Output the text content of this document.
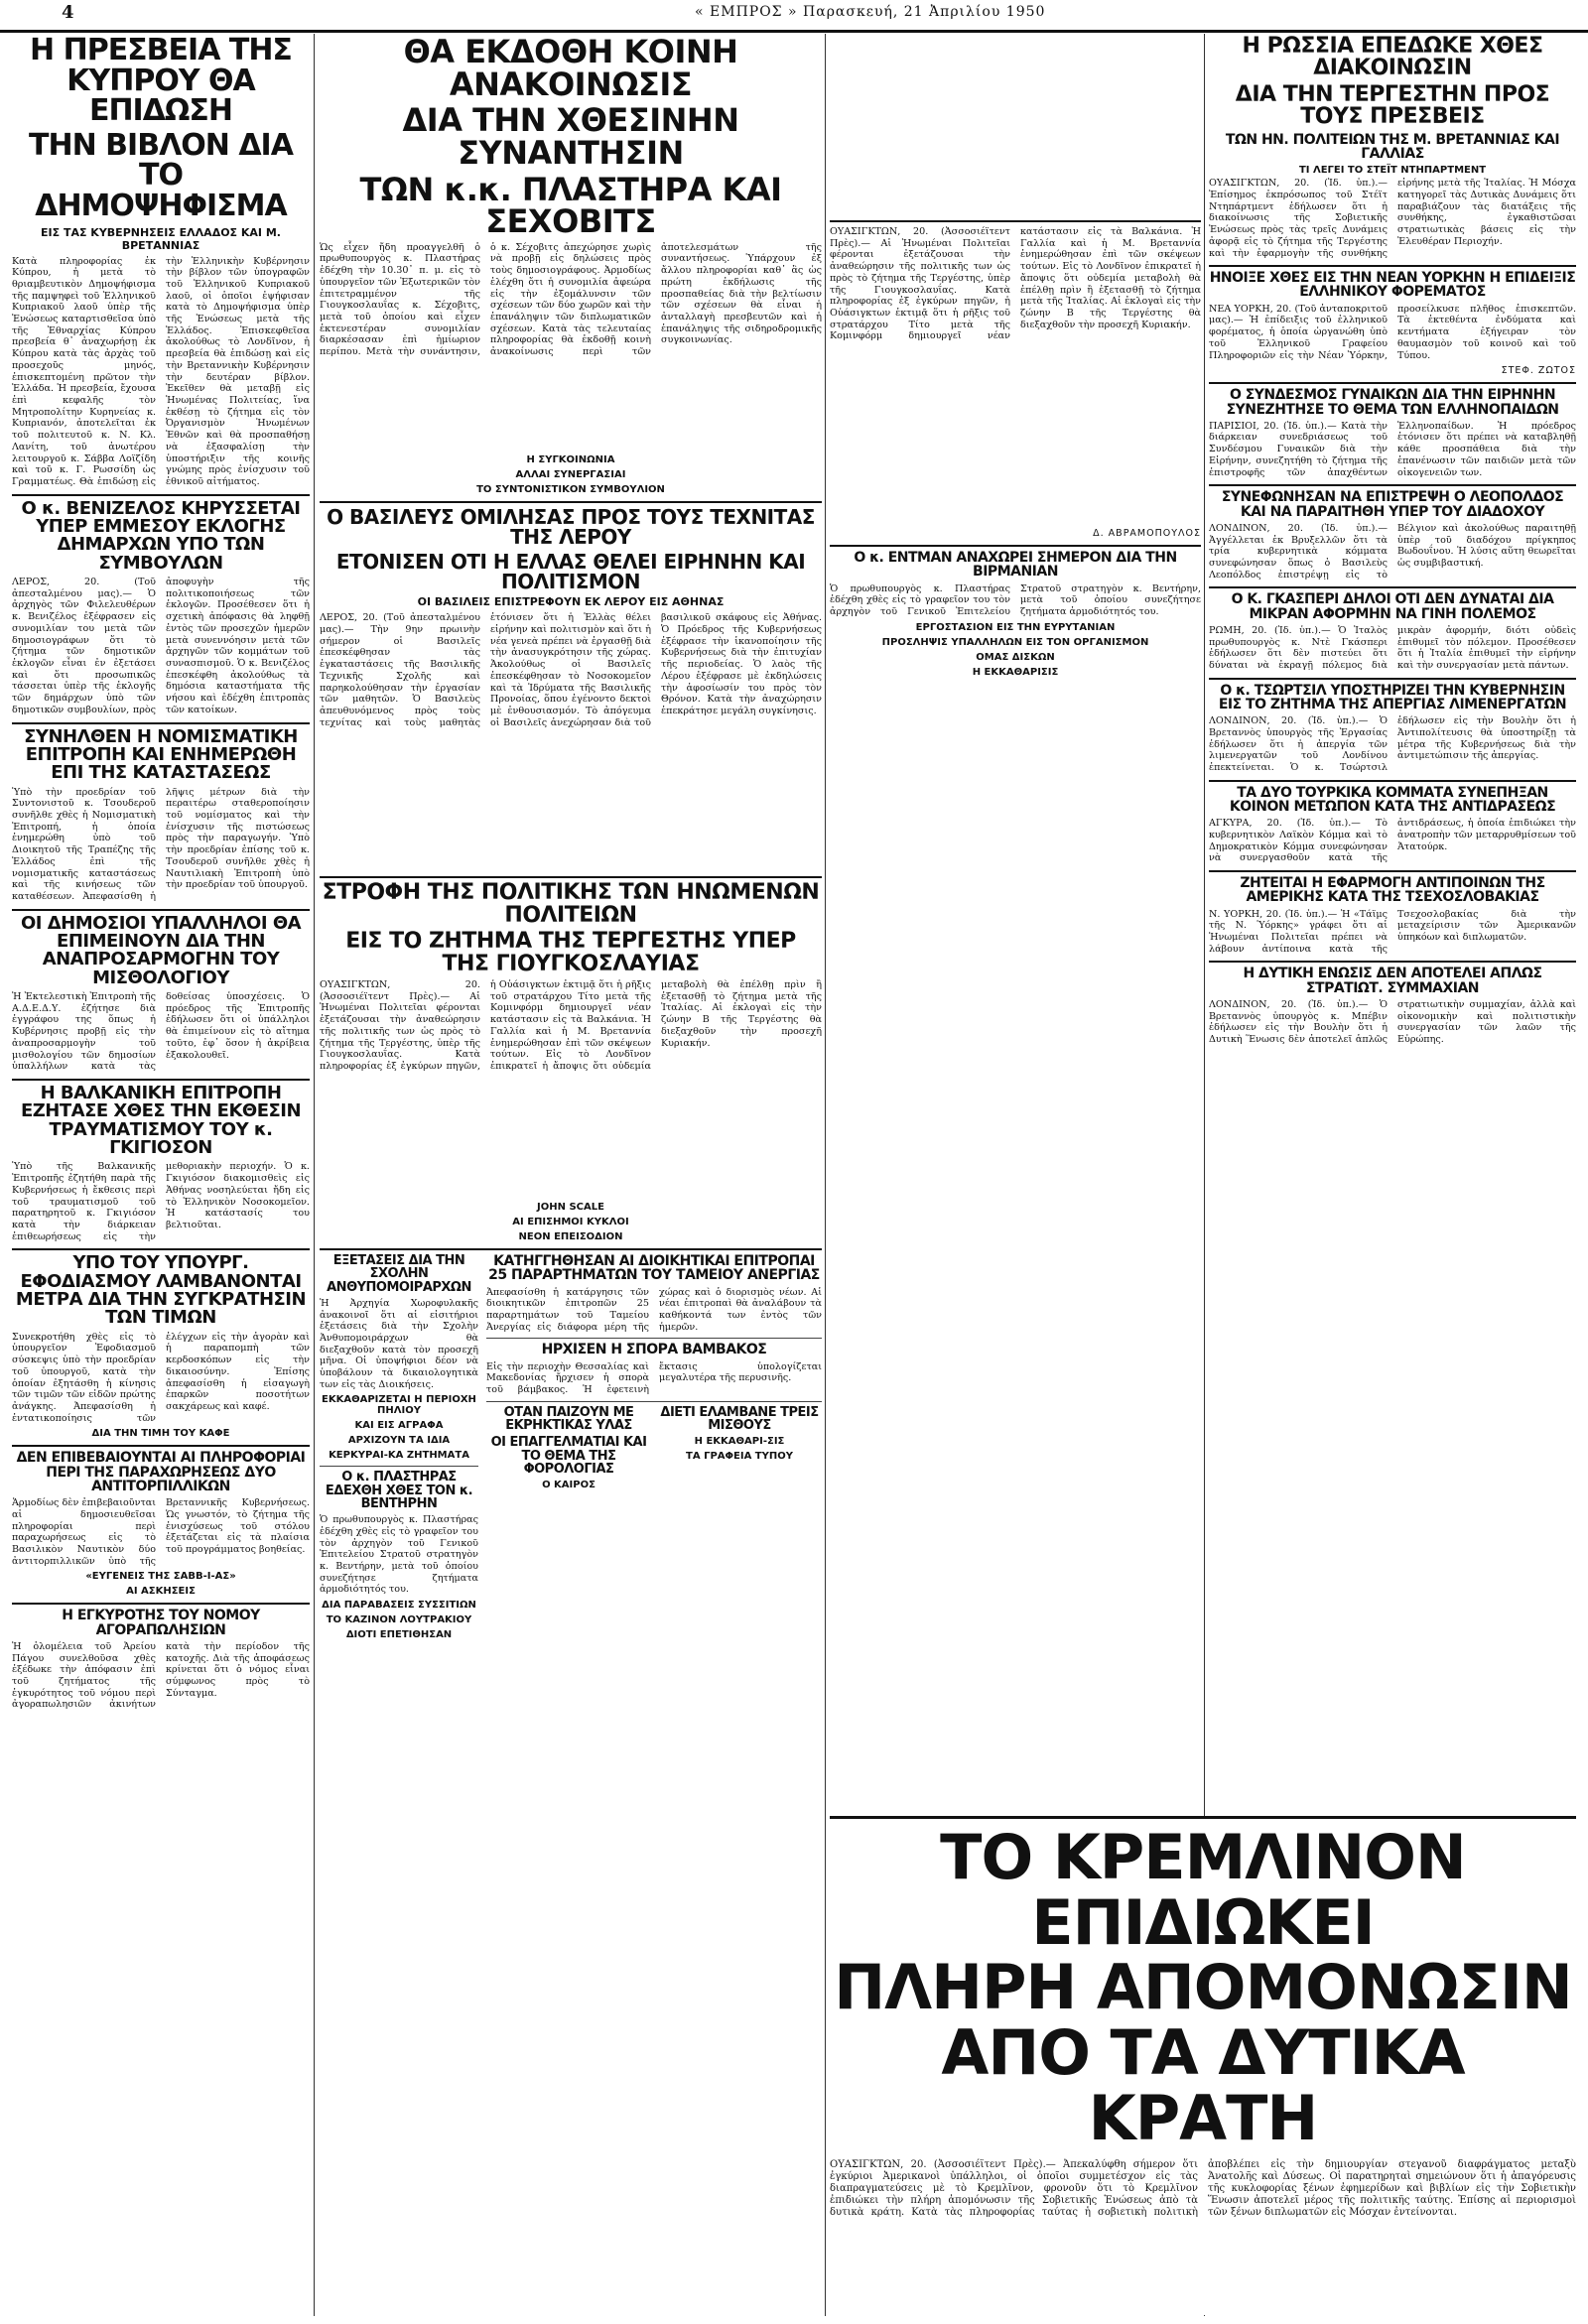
4	« ΕΜΠΡΟΣ » Παρασκευή, 21 Ἀπριλίου 1950
Η ΠΡΕΣΒΕΙΑ ΤΗΣ ΚΥΠΡΟΥ ΘΑ ΕΠΙΔΩΣΗ
ΤΗΝ ΒΙΒΛΟΝ ΔΙΑ ΤΟ ΔΗΜΟΨΗΦΙΣΜΑ
ΕΙΣ ΤΑΣ ΚΥΒΕΡΝΗΣΕΙΣ ΕΛΛΑΔΟΣ ΚΑΙ Μ. ΒΡΕΤΑΝΝΙΑΣ
Κατὰ πληροφορίας ἐκ Κύπρου, ἡ μετὰ τὸ θριαμβευτικὸν Δημοψήφισμα τῆς παμψηφεὶ τοῦ Ἑλληνικοῦ Κυπριακοῦ λαοῦ ὑπὲρ τῆς Ἑνώσεως καταρτισθεῖσα ὑπὸ τῆς Ἐθναρχίας Κύπρου πρεσβεία θ᾽ ἀναχωρήσῃ ἐκ Κύπρου κατὰ τὰς ἀρχὰς τοῦ προσεχοῦς μηνός, ἐπισκεπτομένη πρῶτον τὴν Ἑλλάδα. Ἡ πρεσβεία, ἔχουσα ἐπὶ κεφαλῆς τὸν Μητροπολίτην Κυρηνείας κ. Κυπριανόν, ἀποτελεῖται ἐκ τοῦ πολιτευτοῦ κ. Ν. Κλ. Λανίτη, τοῦ ἀνωτέρου λειτουργοῦ κ. Σάββα Λοϊζίδη καὶ τοῦ κ. Γ. Ρωσσίδη ὡς Γραμματέως. Θὰ ἐπιδώσῃ εἰς τὴν Ἑλληνικὴν Κυβέρνησιν τὴν βίβλον τῶν ὑπογραφῶν τοῦ Ἑλληνικοῦ Κυπριακοῦ λαοῦ, οἱ ὁποῖοι ἐψήφισαν κατὰ τὸ Δημοψήφισμα ὑπὲρ τῆς Ἑνώσεως μετὰ τῆς Ἑλλάδος. Ἐπισκεφθεῖσα ἀκολούθως τὸ Λονδῖνον, ἡ πρεσβεία θὰ ἐπιδώσῃ καὶ εἰς τὴν Βρεταννικὴν Κυβέρνησιν τὴν δευτέραν βίβλον. Ἐκεῖθεν θὰ μεταβῇ εἰς Ἡνωμένας Πολιτείας, ἵνα ἐκθέσῃ τὸ ζήτημα εἰς τὸν Ὀργανισμὸν Ἡνωμένων Ἐθνῶν καὶ θὰ προσπαθήσῃ νὰ ἐξασφαλίσῃ τὴν ὑποστήριξιν τῆς κοινῆς γνώμης πρὸς ἐνίσχυσιν τοῦ ἐθνικοῦ αἰτήματος.
Ο κ. ΒΕΝΙΖΕΛΟΣ ΚΗΡΥΣΣΕΤΑΙ ΥΠΕΡ ΕΜΜΕΣΟΥ ΕΚΛΟΓΗΣ ΔΗΜΑΡΧΩΝ ΥΠΟ ΤΩΝ ΣΥΜΒΟΥΛΩΝ
ΛΕΡΟΣ, 20. (Τοῦ ἀπεσταλμένου μας).— Ὁ ἀρχηγὸς τῶν Φιλελευθέρων κ. Βενιζέλος ἐξέφρασεν εἰς συνομιλίαν του μετὰ τῶν δημοσιογράφων ὅτι τὸ ζήτημα τῶν δημοτικῶν ἐκλογῶν εἶναι ἐν ἐξετάσει καὶ ὅτι προσωπικῶς τάσσεται ὑπὲρ τῆς ἐκλογῆς τῶν δημάρχων ὑπὸ τῶν δημοτικῶν συμβουλίων, πρὸς ἀποφυγὴν τῆς πολιτικοποιήσεως τῶν ἐκλογῶν. Προσέθεσεν ὅτι ἡ σχετικὴ ἀπόφασις θὰ ληφθῇ ἐντὸς τῶν προσεχῶν ἡμερῶν μετὰ συνεννόησιν μετὰ τῶν ἀρχηγῶν τῶν κομμάτων τοῦ συνασπισμοῦ. Ὁ κ. Βενιζέλος ἐπεσκέφθη ἀκολούθως τὰ δημόσια καταστήματα τῆς νήσου καὶ ἐδέχθη ἐπιτροπὰς τῶν κατοίκων.
ΣΥΝΗΛΘΕΝ Η ΝΟΜΙΣΜΑΤΙΚΗ ΕΠΙΤΡΟΠΗ ΚΑΙ ΕΝΗΜΕΡΩΘΗ ΕΠΙ ΤΗΣ ΚΑΤΑΣΤΑΣΕΩΣ
Ὑπὸ τὴν προεδρίαν τοῦ Συντονιστοῦ κ. Τσουδεροῦ συνῆλθε χθὲς ἡ Νομισματικὴ Ἐπιτροπή, ἡ ὁποία ἐνημερώθη ὑπὸ τοῦ Διοικητοῦ τῆς Τραπέζης τῆς Ἑλλάδος ἐπὶ τῆς νομισματικῆς καταστάσεως καὶ τῆς κινήσεως τῶν καταθέσεων. Ἀπεφασίσθη ἡ λῆψις μέτρων διὰ τὴν περαιτέρω σταθεροποίησιν τοῦ νομίσματος καὶ τὴν ἐνίσχυσιν τῆς πιστώσεως πρὸς τὴν παραγωγήν. Ὑπὸ τὴν προεδρίαν ἐπίσης τοῦ κ. Τσουδεροῦ συνῆλθε χθὲς ἡ Ναυτιλιακὴ Ἐπιτροπὴ ὑπὸ τὴν προεδρίαν τοῦ ὑπουργοῦ.
ΟΙ ΔΗΜΟΣΙΟΙ ΥΠΑΛΛΗΛΟΙ ΘΑ ΕΠΙΜΕΙΝΟΥΝ ΔΙΑ ΤΗΝ ΑΝΑΠΡΟΣΑΡΜΟΓΗΝ ΤΟΥ ΜΙΣΘΟΛΟΓΙΟΥ
Ἡ Ἐκτελεστικὴ Ἐπιτροπὴ τῆς Α.Δ.Ε.Δ.Υ. ἐζήτησε διὰ ἐγγράφου της ὅπως ἡ Κυβέρνησις προβῇ εἰς τὴν ἀναπροσαρμογὴν τοῦ μισθολογίου τῶν δημοσίων ὑπαλλήλων κατὰ τὰς δοθείσας ὑποσχέσεις. Ὁ πρόεδρος τῆς Ἐπιτροπῆς ἐδήλωσεν ὅτι οἱ ὑπάλληλοι θὰ ἐπιμείνουν εἰς τὸ αἴτημα τοῦτο, ἐφ᾽ ὅσον ἡ ἀκρίβεια ἐξακολουθεῖ.
Η ΒΑΛΚΑΝΙΚΗ ΕΠΙΤΡΟΠΗ ΕΖΗΤΑΣΕ ΧΘΕΣ ΤΗΝ ΕΚΘΕΣΙΝ ΤΡΑΥΜΑΤΙΣΜΟΥ ΤΟΥ κ. ΓΚΙΓΙΟΣΟΝ
Ὑπὸ τῆς Βαλκανικῆς Ἐπιτροπῆς ἐζητήθη παρὰ τῆς Κυβερνήσεως ἡ ἔκθεσις περὶ τοῦ τραυματισμοῦ τοῦ παρατηρητοῦ κ. Γκιγιόσον κατὰ τὴν διάρκειαν ἐπιθεωρήσεως εἰς τὴν μεθοριακὴν περιοχήν. Ὁ κ. Γκιγιόσον διακομισθεὶς εἰς Ἀθήνας νοσηλεύεται ἤδη εἰς τὸ Ἑλληνικὸν Νοσοκομεῖον. Ἡ κατάστασίς του βελτιοῦται.
ΥΠΟ ΤΟΥ ΥΠΟΥΡΓ. ΕΦΟΔΙΑΣΜΟΥ ΛΑΜΒΑΝΟΝΤΑΙ ΜΕΤΡΑ ΔΙΑ ΤΗΝ ΣΥΓΚΡΑΤΗΣΙΝ ΤΩΝ ΤΙΜΩΝ
Συνεκροτήθη χθὲς εἰς τὸ ὑπουργεῖον Ἐφοδιασμοῦ σύσκεψις ὑπὸ τὴν προεδρίαν τοῦ ὑπουργοῦ, κατὰ τὴν ὁποίαν ἐξητάσθη ἡ κίνησις τῶν τιμῶν τῶν εἰδῶν πρώτης ἀνάγκης. Ἀπεφασίσθη ἡ ἐντατικοποίησις τῶν ἐλέγχων εἰς τὴν ἀγορὰν καὶ ἡ παραπομπὴ τῶν κερδοσκόπων εἰς τὴν δικαιοσύνην. Ἐπίσης ἀπεφασίσθη ἡ εἰσαγωγὴ ἐπαρκῶν ποσοτήτων σακχάρεως καὶ καφέ.
ΔΙΑ ΤΗΝ ΤΙΜΗ ΤΟΥ ΚΑΦΕ
ΔΕΝ ΕΠΙΒΕΒΑΙΟΥΝΤΑΙ ΑΙ ΠΛΗΡΟΦΟΡΙΑΙ ΠΕΡΙ ΤΗΣ ΠΑΡΑΧΩΡΗΣΕΩΣ ΔΥΟ ΑΝΤΙΤΟΡΠΙΛΛΙΚΩΝ
Ἁρμοδίως δὲν ἐπιβεβαιοῦνται αἱ δημοσιευθεῖσαι πληροφορίαι περὶ παραχωρήσεως εἰς τὸ Βασιλικὸν Ναυτικὸν δύο ἀντιτορπιλλικῶν ὑπὸ τῆς Βρεταννικῆς Κυβερνήσεως. Ὡς γνωστόν, τὸ ζήτημα τῆς ἐνισχύσεως τοῦ στόλου ἐξετάζεται εἰς τὰ πλαίσια τοῦ προγράμματος βοηθείας.
«ΕΥΓΕΝΕΙΣ ΤΗΣ ΣΑΒΒ-Ι-ΑΣ»
ΑΙ ΑΣΚΗΣΕΙΣ
Η ΕΓΚΥΡΟΤΗΣ ΤΟΥ ΝΟΜΟΥ ΑΓΟΡΑΠΩΛΗΣΙΩΝ
Ἡ ὁλομέλεια τοῦ Ἀρείου Πάγου συνελθοῦσα χθὲς ἐξέδωκε τὴν ἀπόφασιν ἐπὶ τοῦ ζητήματος τῆς ἐγκυρότητος τοῦ νόμου περὶ ἀγοραπωλησιῶν ἀκινήτων κατὰ τὴν περίοδον τῆς κατοχῆς. Διὰ τῆς ἀποφάσεως κρίνεται ὅτι ὁ νόμος εἶναι σύμφωνος πρὸς τὸ Σύνταγμα.
ΘΑ ΕΚΔΟΘΗ ΚΟΙΝΗ ΑΝΑΚΟΙΝΩΣΙΣ
ΔΙΑ ΤΗΝ ΧΘΕΣΙΝΗΝ ΣΥΝΑΝΤΗΣΙΝ
ΤΩΝ κ.κ. ΠΛΑΣΤΗΡΑ ΚΑΙ ΣΕΧΟΒΙΤΣ
Ὡς εἶχεν ἤδη προαγγελθῆ ὁ πρωθυπουργὸς κ. Πλαστήρας ἐδέχθη τὴν 10.30᾽ π. μ. εἰς τὸ ὑπουργεῖον τῶν Ἐξωτερικῶν τὸν ἐπιτετραμμένον τῆς Γιουγκοσλαυΐας κ. Σέχοβιτς, μετὰ τοῦ ὁποίου καὶ εἶχεν ἐκτενεστέραν συνομιλίαν διαρκέσασαν ἐπὶ ἡμίωριον περίπου. Μετὰ τὴν συνάντησιν, ὁ κ. Σέχοβιτς ἀπεχώρησε χωρὶς νὰ προβῇ εἰς δηλώσεις πρὸς τοὺς δημοσιογράφους. Ἀρμοδίως ἐλέχθη ὅτι ἡ συνομιλία ἀφεώρα εἰς τὴν ἐξομάλυνσιν τῶν σχέσεων τῶν δύο χωρῶν καὶ τὴν ἐπανάληψιν τῶν διπλωματικῶν σχέσεων. Κατὰ τὰς τελευταίας πληροφορίας θὰ ἐκδοθῇ κοινὴ ἀνακοίνωσις περὶ τῶν ἀποτελεσμάτων τῆς συναντήσεως. Ὑπάρχουν ἐξ ἄλλου πληροφορίαι καθ᾽ ἃς ὡς πρώτη ἐκδήλωσις τῆς προσπαθείας διὰ τὴν βελτίωσιν τῶν σχέσεων θὰ εἶναι ἡ ἀνταλλαγὴ πρεσβευτῶν καὶ ἡ ἐπανάληψις τῆς σιδηροδρομικῆς συγκοινωνίας.
Η ΣΥΓΚΟΙΝΩΝΙΑ
ΑΛΛΑΙ ΣΥΝΕΡΓΑΣΙΑΙ
ΤΟ ΣΥΝΤΟΝΙΣΤΙΚΟΝ ΣΥΜΒΟΥΛΙΟΝ
Ο ΒΑΣΙΛΕΥΣ ΟΜΙΛΗΣΑΣ ΠΡΟΣ ΤΟΥΣ ΤΕΧΝΙΤΑΣ ΤΗΣ ΛΕΡΟΥ
ΕΤΟΝΙΣΕΝ ΟΤΙ Η ΕΛΛΑΣ ΘΕΛΕΙ ΕΙΡΗΝΗΝ ΚΑΙ ΠΟΛΙΤΙΣΜΟΝ
ΟΙ ΒΑΣΙΛΕΙΣ ΕΠΙΣΤΡΕΦΟΥΝ ΕΚ ΛΕΡΟΥ ΕΙΣ ΑΘΗΝΑΣ
ΛΕΡΟΣ, 20. (Τοῦ ἀπεσταλμένου μας).— Τὴν 9ην πρωινὴν σήμερον οἱ Βασιλεῖς ἐπεσκέφθησαν τὰς ἐγκαταστάσεις τῆς Βασιλικῆς Τεχνικῆς Σχολῆς καὶ παρηκολούθησαν τὴν ἐργασίαν τῶν μαθητῶν. Ὁ Βασιλεὺς ἀπευθυνόμενος πρὸς τοὺς τεχνίτας καὶ τοὺς μαθητὰς ἐτόνισεν ὅτι ἡ Ἑλλὰς θέλει εἰρήνην καὶ πολιτισμὸν καὶ ὅτι ἡ νέα γενεὰ πρέπει νὰ ἐργασθῇ διὰ τὴν ἀνασυγκρότησιν τῆς χώρας. Ἀκολούθως οἱ Βασιλεῖς ἐπεσκέφθησαν τὸ Νοσοκομεῖον καὶ τὰ Ἱδρύματα τῆς Βασιλικῆς Προνοίας, ὅπου ἐγένοντο δεκτοὶ μὲ ἐνθουσιασμόν. Τὸ ἀπόγευμα οἱ Βασιλεῖς ἀνεχώρησαν διὰ τοῦ βασιλικοῦ σκάφους εἰς Ἀθήνας. Ὁ Πρόεδρος τῆς Κυβερνήσεως ἐξέφρασε τὴν ἱκανοποίησιν τῆς Κυβερνήσεως διὰ τὴν ἐπιτυχίαν τῆς περιοδείας. Ὁ λαὸς τῆς Λέρου ἐξέφρασε μὲ ἐκδηλώσεις τὴν ἀφοσίωσίν του πρὸς τὸν Θρόνον. Κατὰ τὴν ἀναχώρησιν ἐπεκράτησε μεγάλη συγκίνησις.
ΣΤΡΟΦΗ ΤΗΣ ΠΟΛΙΤΙΚΗΣ ΤΩΝ ΗΝΩΜΕΝΩΝ ΠΟΛΙΤΕΙΩΝ
ΕΙΣ ΤΟ ΖΗΤΗΜΑ ΤΗΣ ΤΕΡΓΕΣΤΗΣ ΥΠΕΡ ΤΗΣ ΓΙΟΥΓΚΟΣΛΑΥΙΑΣ
ΟΥΑΣΙΓΚΤΩΝ, 20. (Ἀσσοσιέϊτεντ Πρὲς).— Αἱ Ἡνωμέναι Πολιτεῖαι φέρονται ἐξετάζουσαι τὴν ἀναθεώρησιν τῆς πολιτικῆς των ὡς πρὸς τὸ ζήτημα τῆς Τεργέστης, ὑπὲρ τῆς Γιουγκοσλαυΐας. Κατὰ πληροφορίας ἐξ ἐγκύρων πηγῶν, ἡ Οὐάσιγκτων ἐκτιμᾷ ὅτι ἡ ρῆξις τοῦ στρατάρχου Τίτο μετὰ τῆς Κομινφόρμ δημιουργεῖ νέαν κατάστασιν εἰς τὰ Βαλκάνια. Ἡ Γαλλία καὶ ἡ Μ. Βρεταννία ἐνημερώθησαν ἐπὶ τῶν σκέψεων τούτων. Εἰς τὸ Λονδῖνον ἐπικρατεῖ ἡ ἄποψις ὅτι οὐδεμία μεταβολὴ θὰ ἐπέλθῃ πρὶν ἢ ἐξετασθῇ τὸ ζήτημα μετὰ τῆς Ἰταλίας. Αἱ ἐκλογαὶ εἰς τὴν ζώνην Β τῆς Τεργέστης θὰ διεξαχθοῦν τὴν προσεχῆ Κυριακήν.
JOHN SCALE
ΑΙ ΕΠΙΣΗΜΟΙ ΚΥΚΛΟΙ
ΝΕΟΝ ΕΠΕΙΣΟΔΙΟΝ
ΕΞΕΤΑΣΕΙΣ ΔΙΑ ΤΗΝ ΣΧΟΛΗΝ ΑΝΘΥΠΟΜΟΙΡΑΡΧΩΝ
Ἡ Ἀρχηγία Χωροφυλακῆς ἀνακοινοῖ ὅτι αἱ εἰσιτήριοι ἐξετάσεις διὰ τὴν Σχολὴν Ἀνθυπομοιράρχων θὰ διεξαχθοῦν κατὰ τὸν προσεχῆ μῆνα. Οἱ ὑποψήφιοι δέον νὰ ὑποβάλουν τὰ δικαιολογητικὰ των εἰς τὰς Διοικήσεις.
ΕΚΚΑΘΑΡΙΖΕΤΑΙ Η ΠΕΡΙΟΧΗ ΠΗΛΙΟΥ
ΚΑΙ ΕΙΣ ΑΓΡΑΦΑ
ΑΡΧΙΖΟΥΝ ΤΑ ΙΔΙΑ
ΚΕΡΚΥΡΑΙ-ΚΑ ΖΗΤΗΜΑΤΑ
Ο κ. ΠΛΑΣΤΗΡΑΣ ΕΔΕΧΘΗ ΧΘΕΣ ΤΟΝ κ. ΒΕΝΤΗΡΗΝ
Ὁ πρωθυπουργὸς κ. Πλαστήρας ἐδέχθη χθὲς εἰς τὸ γραφεῖον του τὸν ἀρχηγὸν τοῦ Γενικοῦ Ἐπιτελείου Στρατοῦ στρατηγὸν κ. Βεντήρην, μετὰ τοῦ ὁποίου συνεζήτησε ζητήματα ἀρμοδιότητός του.
ΔΙΑ ΠΑΡΑΒΑΣΕΙΣ ΣΥΣΣΙΤΙΩΝ
ΤΟ ΚΑΖΙΝΟΝ ΛΟΥΤΡΑΚΙΟΥ
ΔΙΟΤΙ ΕΠΕΤΙΘΗΣΑΝ
ΚΑΤΗΓΓΗΘΗΣΑΝ ΑΙ ΔΙΟΙΚΗΤΙΚΑΙ ΕΠΙΤΡΟΠΑΙ 25 ΠΑΡΑΡΤΗΜΑΤΩΝ ΤΟΥ ΤΑΜΕΙΟΥ ΑΝΕΡΓΙΑΣ
Ἀπεφασίσθη ἡ κατάργησις τῶν διοικητικῶν ἐπιτροπῶν 25 παραρτημάτων τοῦ Ταμείου Ἀνεργίας εἰς διάφορα μέρη τῆς χώρας καὶ ὁ διορισμὸς νέων. Αἱ νέαι ἐπιτροπαὶ θὰ ἀναλάβουν τὰ καθήκοντά των ἐντὸς τῶν ἡμερῶν.
ΗΡΧΙΣΕΝ Η ΣΠΟΡΑ ΒΑΜΒΑΚΟΣ
Εἰς τὴν περιοχὴν Θεσσαλίας καὶ Μακεδονίας ἤρχισεν ἡ σπορὰ τοῦ βάμβακος. Ἡ ἐφετεινὴ ἔκτασις ὑπολογίζεται μεγαλυτέρα τῆς περυσινῆς.
ΟΤΑΝ ΠΑΙΖΟΥΝ ΜΕ ΕΚΡΗΚΤΙΚΑΣ ΥΛΑΣ
ΟΙ ΕΠΑΓΓΕΛΜΑΤΙΑΙ ΚΑΙ ΤΟ ΘΕΜΑ ΤΗΣ ΦΟΡΟΛΟΓΙΑΣ
Ο ΚΑΙΡΟΣ
ΔΙΕΤΙ ΕΛΑΜΒΑΝΕ ΤΡΕΙΣ ΜΙΣΘΟΥΣ
Η ΕΚΚΑΘΑΡΙ-ΣΙΣ
ΤΑ ΓΡΑΦΕΙΑ ΤΥΠΟΥ
ΟΥΑΣΙΓΚΤΩΝ, 20. (Ἀσσοσιέϊτεντ Πρὲς).— Αἱ Ἡνωμέναι Πολιτεῖαι φέρονται ἐξετάζουσαι τὴν ἀναθεώρησιν τῆς πολιτικῆς των ὡς πρὸς τὸ ζήτημα τῆς Τεργέστης, ὑπὲρ τῆς Γιουγκοσλαυΐας. Κατὰ πληροφορίας ἐξ ἐγκύρων πηγῶν, ἡ Οὐάσιγκτων ἐκτιμᾷ ὅτι ἡ ρῆξις τοῦ στρατάρχου Τίτο μετὰ τῆς Κομινφόρμ δημιουργεῖ νέαν κατάστασιν εἰς τὰ Βαλκάνια. Ἡ Γαλλία καὶ ἡ Μ. Βρεταννία ἐνημερώθησαν ἐπὶ τῶν σκέψεων τούτων. Εἰς τὸ Λονδῖνον ἐπικρατεῖ ἡ ἄποψις ὅτι οὐδεμία μεταβολὴ θὰ ἐπέλθῃ πρὶν ἢ ἐξετασθῇ τὸ ζήτημα μετὰ τῆς Ἰταλίας. Αἱ ἐκλογαὶ εἰς τὴν ζώνην Β τῆς Τεργέστης θὰ διεξαχθοῦν τὴν προσεχῆ Κυριακήν.
Δ. ΑΒΡΑΜΟΠΟΥΛΟΣ
Ο κ. ΕΝΤΜΑΝ ΑΝΑΧΩΡΕΙ ΣΗΜΕΡΟΝ ΔΙΑ ΤΗΝ ΒΙΡΜΑΝΙΑΝ
Ὁ πρωθυπουργὸς κ. Πλαστήρας ἐδέχθη χθὲς εἰς τὸ γραφεῖον του τὸν ἀρχηγὸν τοῦ Γενικοῦ Ἐπιτελείου Στρατοῦ στρατηγὸν κ. Βεντήρην, μετὰ τοῦ ὁποίου συνεζήτησε ζητήματα ἀρμοδιότητός του.
ΕΡΓΟΣΤΑΣΙΟΝ ΕΙΣ ΤΗΝ ΕΥΡΥΤΑΝΙΑΝ
ΠΡΟΣΛΗΨΙΣ ΥΠΑΛΛΗΛΩΝ ΕΙΣ ΤΟΝ ΟΡΓΑΝΙΣΜΟΝ
ΟΜΑΣ ΔΙΣΚΩΝ
Η ΕΚΚΑΘΑΡΙΣΙΣ
Η ΡΩΣΣΙΑ ΕΠΕΔΩΚΕ ΧΘΕΣ ΔΙΑΚΟΙΝΩΣΙΝ
ΔΙΑ ΤΗΝ ΤΕΡΓΕΣΤΗΝ ΠΡΟΣ ΤΟΥΣ ΠΡΕΣΒΕΙΣ
ΤΩΝ ΗΝ. ΠΟΛΙΤΕΙΩΝ ΤΗΣ Μ. ΒΡΕΤΑΝΝΙΑΣ ΚΑΙ ΓΑΛΛΙΑΣ
ΤΙ ΛΕΓΕΙ ΤΟ ΣΤΕΪΤ ΝΤΗΠΑΡΤΜΕΝΤ
ΟΥΑΣΙΓΚΤΩΝ, 20. (Ἰδ. ὑπ.).— Ἐπίσημος ἐκπρόσωπος τοῦ Στέϊτ Ντηπάρτμεντ ἐδήλωσεν ὅτι ἡ διακοίνωσις τῆς Σοβιετικῆς Ἑνώσεως πρὸς τὰς τρεῖς Δυνάμεις ἀφορᾷ εἰς τὸ ζήτημα τῆς Τεργέστης καὶ τὴν ἐφαρμογὴν τῆς συνθήκης εἰρήνης μετὰ τῆς Ἰταλίας. Ἡ Μόσχα κατηγορεῖ τὰς Δυτικὰς Δυνάμεις ὅτι παραβιάζουν τὰς διατάξεις τῆς συνθήκης, ἐγκαθιστῶσαι στρατιωτικὰς βάσεις εἰς τὴν Ἐλευθέραν Περιοχήν.
ΗΝΟΙΞΕ ΧΘΕΣ ΕΙΣ ΤΗΝ ΝΕΑΝ ΥΟΡΚΗΝ Η ΕΠΙΔΕΙΞΙΣ ΕΛΛΗΝΙΚΟΥ ΦΟΡΕΜΑΤΟΣ
ΝΕΑ ΥΟΡΚΗ, 20. (Τοῦ ἀνταποκριτοῦ μας).— Ἡ ἐπίδειξις τοῦ ἑλληνικοῦ φορέματος, ἡ ὁποία ὠργανώθη ὑπὸ τοῦ Ἑλληνικοῦ Γραφείου Πληροφοριῶν εἰς τὴν Νέαν Ὑόρκην, προσείλκυσε πλῆθος ἐπισκεπτῶν. Τὰ ἐκτεθέντα ἐνδύματα καὶ κεντήματα ἐξήγειραν τὸν θαυμασμὸν τοῦ κοινοῦ καὶ τοῦ Τύπου.
ΣΤΕΦ. ΖΩΤΟΣ
Ο ΣΥΝΔΕΣΜΟΣ ΓΥΝΑΙΚΩΝ ΔΙΑ ΤΗΝ ΕΙΡΗΝΗΝ ΣΥΝΕΖΗΤΗΣΕ ΤΟ ΘΕΜΑ ΤΩΝ ΕΛΛΗΝΟΠΑΙΔΩΝ
ΠΑΡΙΣΙΟΙ, 20. (Ἰδ. ὑπ.).— Κατὰ τὴν διάρκειαν συνεδριάσεως τοῦ Συνδέσμου Γυναικῶν διὰ τὴν Εἰρήνην, συνεζητήθη τὸ ζήτημα τῆς ἐπιστροφῆς τῶν ἀπαχθέντων Ἑλληνοπαίδων. Ἡ πρόεδρος ἐτόνισεν ὅτι πρέπει νὰ καταβληθῇ κάθε προσπάθεια διὰ τὴν ἐπανένωσιν τῶν παιδιῶν μετὰ τῶν οἰκογενειῶν των.
ΣΥΝΕΦΩΝΗΣΑΝ ΝΑ ΕΠΙΣΤΡΕΨΗ Ο ΛΕΟΠΟΛΔΟΣ ΚΑΙ ΝΑ ΠΑΡΑΙΤΗΘΗ ΥΠΕΡ ΤΟΥ ΔΙΑΔΟΧΟΥ
ΛΟΝΔΙΝΟΝ, 20. (Ἰδ. ὑπ.).— Ἀγγέλλεται ἐκ Βρυξελλῶν ὅτι τὰ τρία κυβερνητικὰ κόμματα συνεφώνησαν ὅπως ὁ Βασιλεὺς Λεοπόλδος ἐπιστρέψῃ εἰς τὸ Βέλγιον καὶ ἀκολούθως παραιτηθῇ ὑπὲρ τοῦ διαδόχου πρίγκηπος Βωδουΐνου. Ἡ λύσις αὕτη θεωρεῖται ὡς συμβιβαστική.
Ο Κ. ΓΚΑΣΠΕΡΙ ΔΗΛΟΙ ΟΤΙ ΔΕΝ ΔΥΝΑΤΑΙ ΔΙΑ ΜΙΚΡΑΝ ΑΦΟΡΜΗΝ ΝΑ ΓΙΝΗ ΠΟΛΕΜΟΣ
ΡΩΜΗ, 20. (Ἰδ. ὑπ.).— Ὁ Ἰταλὸς πρωθυπουργὸς κ. Ντὲ Γκάσπερι ἐδήλωσεν ὅτι δὲν πιστεύει ὅτι δύναται νὰ ἐκραγῇ πόλεμος διὰ μικρὰν ἀφορμήν, διότι οὐδεὶς ἐπιθυμεῖ τὸν πόλεμον. Προσέθεσεν ὅτι ἡ Ἰταλία ἐπιθυμεῖ τὴν εἰρήνην καὶ τὴν συνεργασίαν μετὰ πάντων.
Ο κ. ΤΣΩΡΤΣΙΛ ΥΠΟΣΤΗΡΙΖΕΙ ΤΗΝ ΚΥΒΕΡΝΗΣΙΝ ΕΙΣ ΤΟ ΖΗΤΗΜΑ ΤΗΣ ΑΠΕΡΓΙΑΣ ΛΙΜΕΝΕΡΓΑΤΩΝ
ΛΟΝΔΙΝΟΝ, 20. (Ἰδ. ὑπ.).— Ὁ Βρεταννὸς ὑπουργὸς τῆς Ἐργασίας ἐδήλωσεν ὅτι ἡ ἀπεργία τῶν λιμενεργατῶν τοῦ Λονδίνου ἐπεκτείνεται. Ὁ κ. Τσώρτσιλ ἐδήλωσεν εἰς τὴν Βουλὴν ὅτι ἡ Ἀντιπολίτευσις θὰ ὑποστηρίξῃ τὰ μέτρα τῆς Κυβερνήσεως διὰ τὴν ἀντιμετώπισιν τῆς ἀπεργίας.
ΤΑ ΔΥΟ ΤΟΥΡΚΙΚΑ ΚΟΜΜΑΤΑ ΣΥΝΕΠΗΞΑΝ ΚΟΙΝΟΝ ΜΕΤΩΠΟΝ ΚΑΤΑ ΤΗΣ ΑΝΤΙΔΡΑΣΕΩΣ
ΑΓΚΥΡΑ, 20. (Ἰδ. ὑπ.).— Τὸ κυβερνητικὸν Λαϊκὸν Κόμμα καὶ τὸ Δημοκρατικὸν Κόμμα συνεφώνησαν νὰ συνεργασθοῦν κατὰ τῆς ἀντιδράσεως, ἡ ὁποία ἐπιδιώκει τὴν ἀνατροπὴν τῶν μεταρρυθμίσεων τοῦ Ἀτατούρκ.
ΖΗΤΕΙΤΑΙ Η ΕΦΑΡΜΟΓΗ ΑΝΤΙΠΟΙΝΩΝ ΤΗΣ ΑΜΕΡΙΚΗΣ ΚΑΤΑ ΤΗΣ ΤΣΕΧΟΣΛΟΒΑΚΙΑΣ
Ν. ΥΟΡΚΗ, 20. (Ἰδ. ὑπ.).— Ἡ «Τάϊμς τῆς Ν. Ὑόρκης» γράφει ὅτι αἱ Ἡνωμέναι Πολιτεῖαι πρέπει νὰ λάβουν ἀντίποινα κατὰ τῆς Τσεχοσλοβακίας διὰ τὴν μεταχείρισιν τῶν Ἀμερικανῶν ὑπηκόων καὶ διπλωματῶν.
Η ΔΥΤΙΚΗ ΕΝΩΣΙΣ ΔΕΝ ΑΠΟΤΕΛΕΙ ΑΠΛΩΣ ΣΤΡΑΤΙΩΤ. ΣΥΜΜΑΧΙΑΝ
ΛΟΝΔΙΝΟΝ, 20. (Ἰδ. ὑπ.).— Ὁ Βρεταννὸς ὑπουργὸς κ. Μπέβιν ἐδήλωσεν εἰς τὴν Βουλὴν ὅτι ἡ Δυτικὴ Ἕνωσις δὲν ἀποτελεῖ ἁπλῶς στρατιωτικὴν συμμαχίαν, ἀλλὰ καὶ οἰκονομικὴν καὶ πολιτιστικὴν συνεργασίαν τῶν λαῶν τῆς Εὐρώπης.
ΤΟ ΚΡΕΜΛΙΝΟΝ ΕΠΙΔΙΩΚΕΙ
ΠΛΗΡΗ ΑΠΟΜΟΝΩΣΙΝ
ΑΠΟ ΤΑ ΔΥΤΙΚΑ ΚΡΑΤΗ
ΟΥΑΣΙΓΚΤΩΝ, 20. (Ἀσσοσιέϊτεντ Πρὲς).— Ἀπεκαλύφθη σήμερον ὅτι ἐγκύριοι Ἀμερικανοὶ ὑπάλληλοι, οἱ ὁποῖοι συμμετέσχον εἰς τὰς διαπραγματεύσεις μὲ τὸ Κρεμλῖνον, φρονοῦν ὅτι τὸ Κρεμλῖνον ἐπιδιώκει τὴν πλήρη ἀπομόνωσιν τῆς Σοβιετικῆς Ἑνώσεως ἀπὸ τὰ δυτικὰ κράτη. Κατὰ τὰς πληροφορίας ταύτας ἡ σοβιετικὴ πολιτικὴ ἀποβλέπει εἰς τὴν δημιουργίαν στεγανοῦ διαφράγματος μεταξὺ Ἀνατολῆς καὶ Δύσεως. Οἱ παρατηρηταὶ σημειώνουν ὅτι ἡ ἀπαγόρευσις τῆς κυκλοφορίας ξένων ἐφημερίδων καὶ βιβλίων εἰς τὴν Σοβιετικὴν Ἕνωσιν ἀποτελεῖ μέρος τῆς πολιτικῆς ταύτης. Ἐπίσης αἱ περιορισμοὶ τῶν ξένων διπλωματῶν εἰς Μόσχαν ἐντείνονται.
